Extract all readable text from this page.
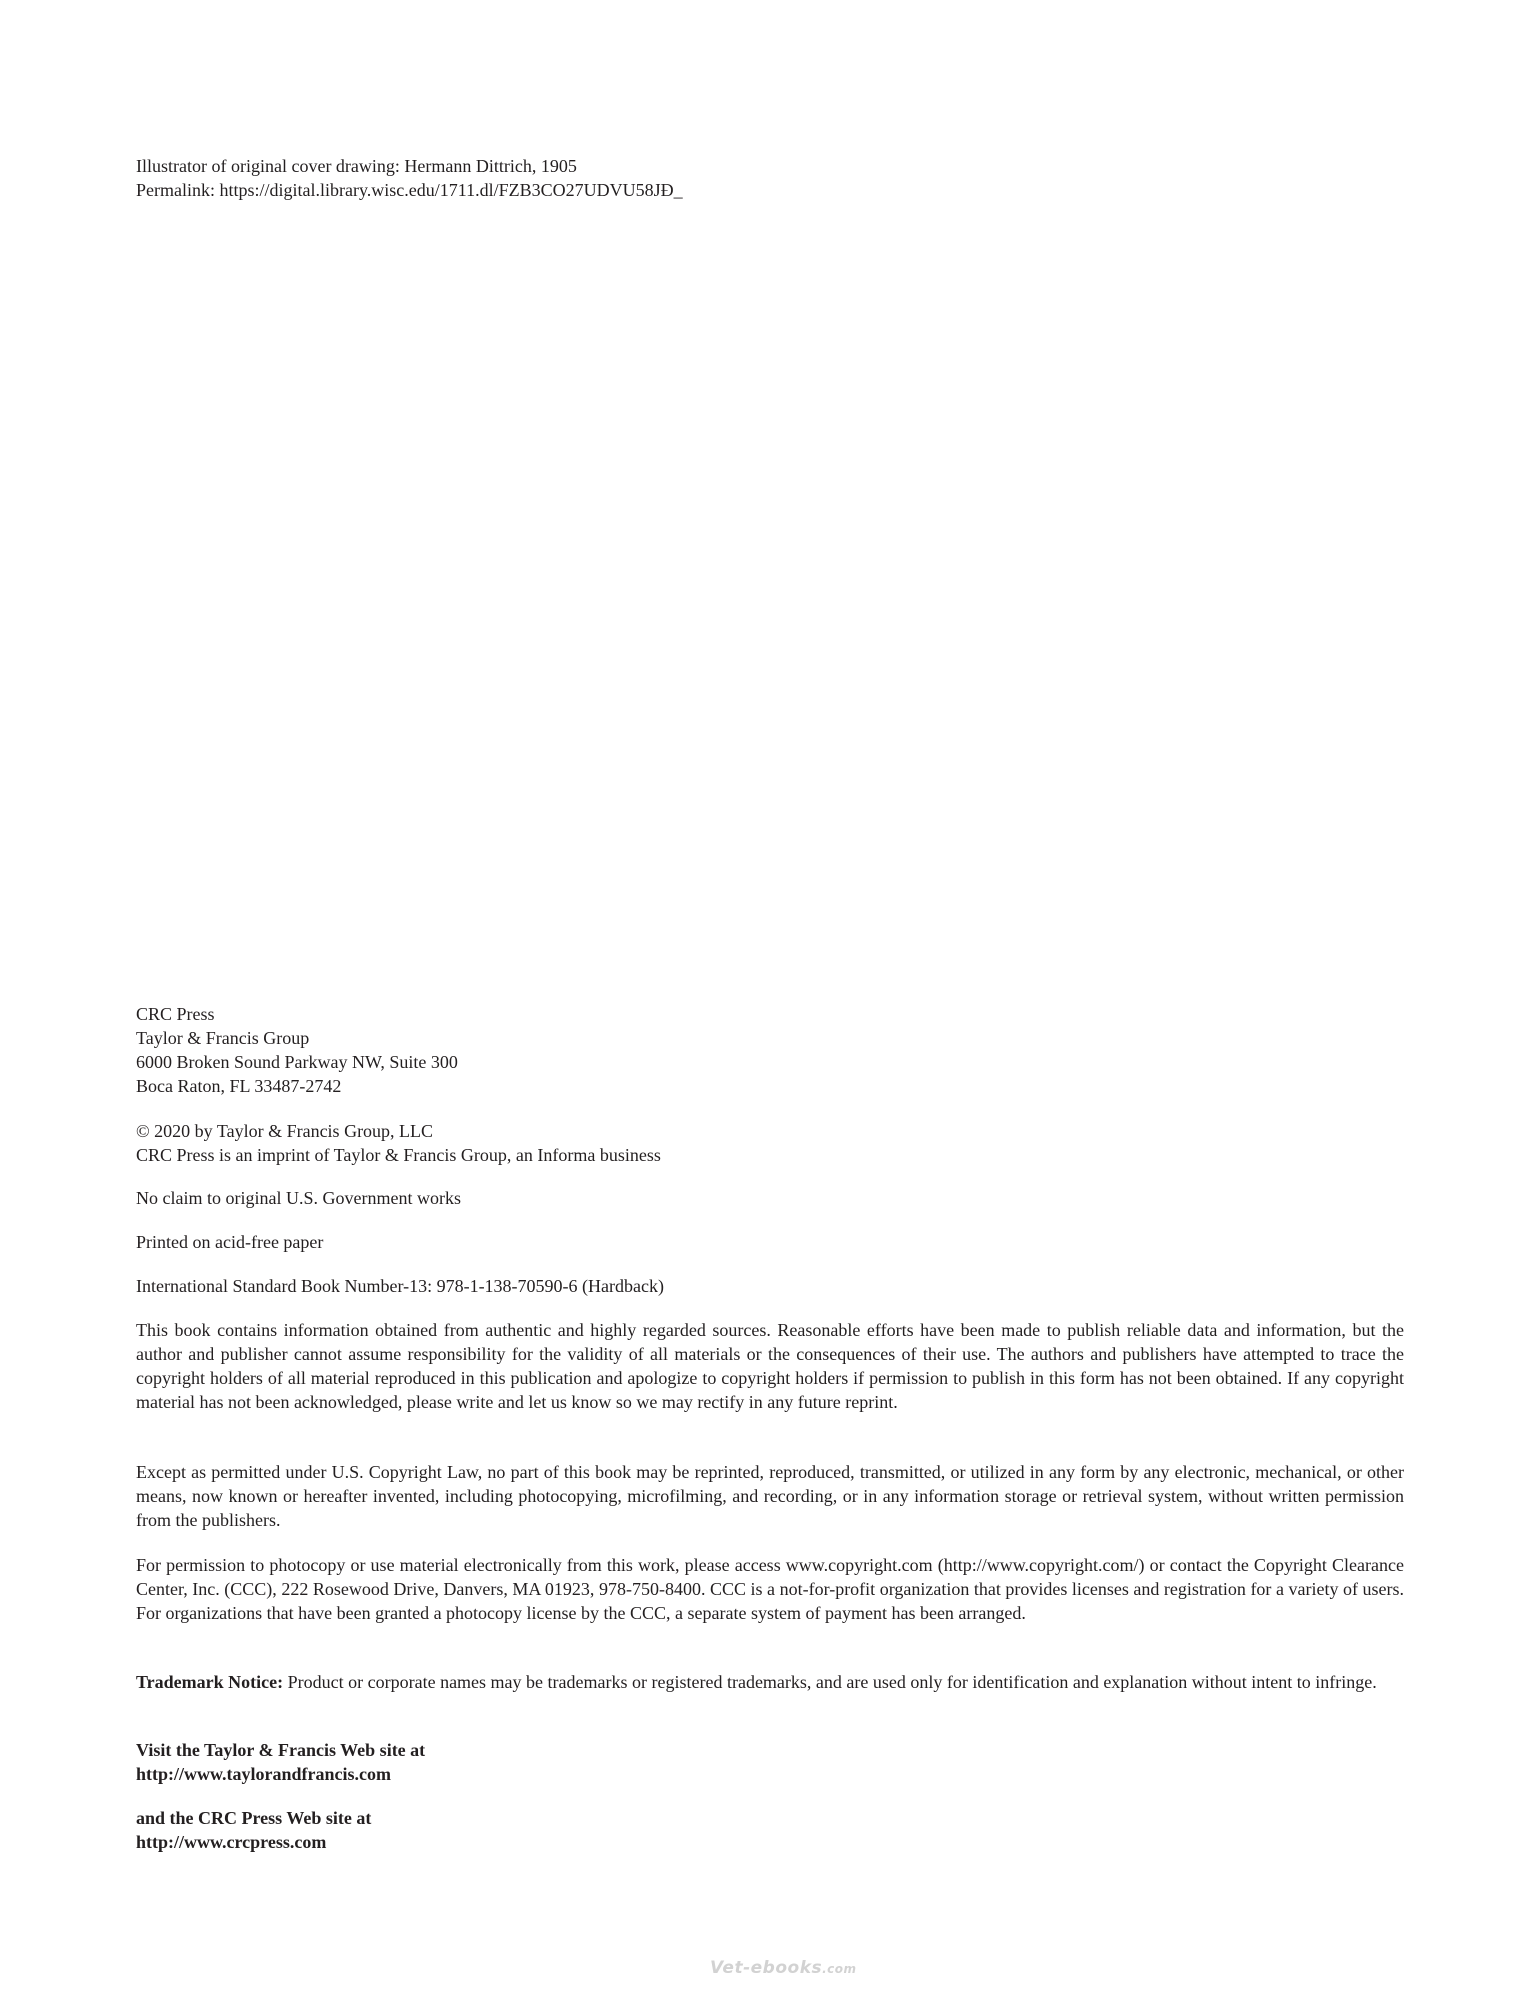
Illustrator of original cover drawing: Hermann Dittrich, 1905
Permalink: https://digital.library.wisc.edu/1711.dl/FZB3CO27UDVU58JÐ_
CRC Press
Taylor & Francis Group
6000 Broken Sound Parkway NW, Suite 300
Boca Raton, FL 33487-2742
© 2020 by Taylor & Francis Group, LLC
CRC Press is an imprint of Taylor & Francis Group, an Informa business
No claim to original U.S. Government works
Printed on acid-free paper
International Standard Book Number-13: 978-1-138-70590-6 (Hardback)
This book contains information obtained from authentic and highly regarded sources. Reasonable efforts have been made to publish reliable data and information, but the author and publisher cannot assume responsibility for the validity of all materials or the consequences of their use. The authors and publishers have attempted to trace the copyright holders of all material reproduced in this publication and apologize to copyright holders if permission to publish in this form has not been obtained. If any copyright material has not been acknowledged, please write and let us know so we may rectify in any future reprint.
Except as permitted under U.S. Copyright Law, no part of this book may be reprinted, reproduced, transmitted, or utilized in any form by any electronic, mechanical, or other means, now known or hereafter invented, including photocopying, microfilming, and recording, or in any information storage or retrieval system, without written permission from the publishers.
For permission to photocopy or use material electronically from this work, please access www.copyright.com (http://www.copyright.com/) or contact the Copyright Clearance Center, Inc. (CCC), 222 Rosewood Drive, Danvers, MA 01923, 978-750-8400. CCC is a not-for-profit organization that provides licenses and registration for a variety of users. For organizations that have been granted a photocopy license by the CCC, a separate system of payment has been arranged.
Trademark Notice: Product or corporate names may be trademarks or registered trademarks, and are used only for identification and explanation without intent to infringe.
Visit the Taylor & Francis Web site at
http://www.taylorandfrancis.com
and the CRC Press Web site at
http://www.crcpress.com
Vet-ebooks.com
